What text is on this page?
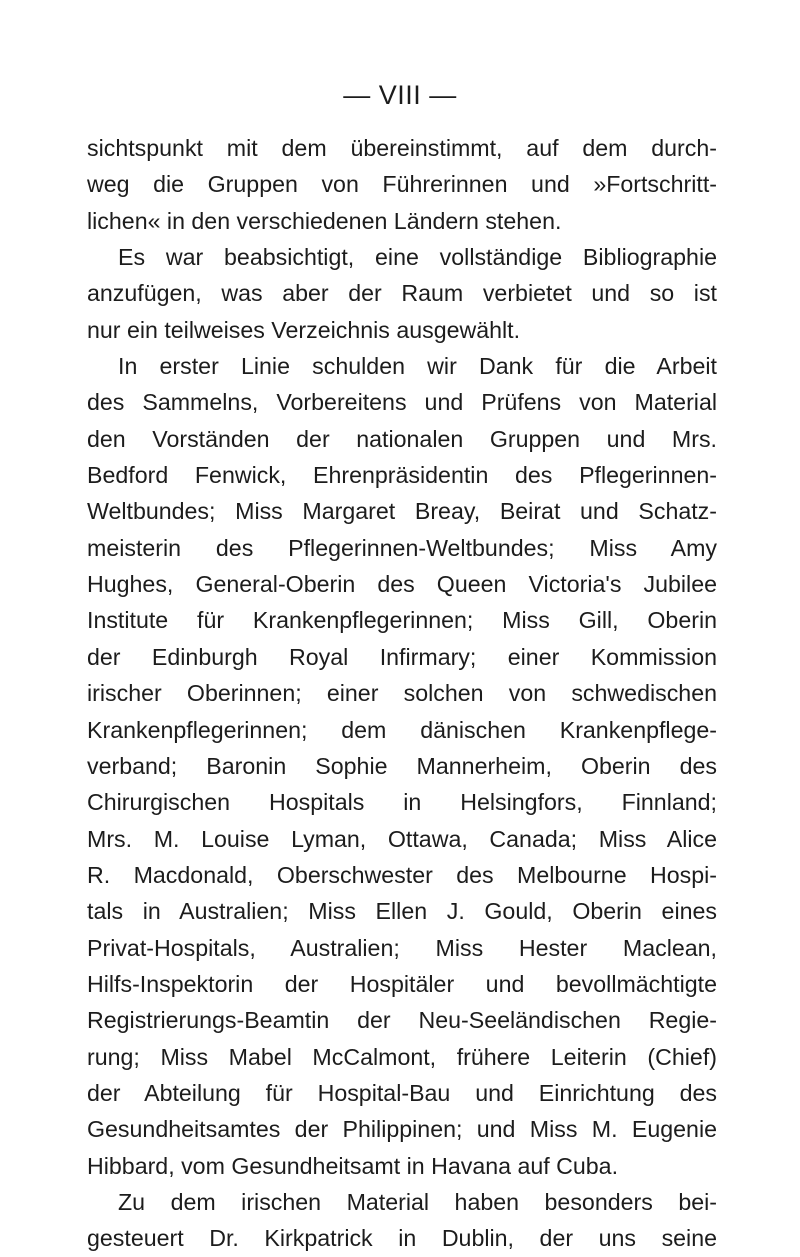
— VIII —
sichtspunkt mit dem übereinstimmt, auf dem durch-
weg die Gruppen von Führerinnen und »Fortschritt-
lichen« in den verschiedenen Ländern stehen.
Es war beabsichtigt, eine vollständige Bibliographie
anzufügen, was aber der Raum verbietet und so ist
nur ein teilweises Verzeichnis ausgewählt.
In erster Linie schulden wir Dank für die Arbeit
des Sammelns, Vorbereitens und Prüfens von Material
den Vorständen der nationalen Gruppen und Mrs.
Bedford Fenwick, Ehrenpräsidentin des Pflegerinnen-
Weltbundes; Miss Margaret Breay, Beirat und Schatz-
meisterin des Pflegerinnen-Weltbundes; Miss Amy
Hughes, General-Oberin des Queen Victoria's Jubilee
Institute für Krankenpflegerinnen; Miss Gill, Oberin
der Edinburgh Royal Infirmary; einer Kommission
irischer Oberinnen; einer solchen von schwedischen
Krankenpflegerinnen; dem dänischen Krankenpflege-
verband; Baronin Sophie Mannerheim, Oberin des
Chirurgischen Hospitals in Helsingfors, Finnland;
Mrs. M. Louise Lyman, Ottawa, Canada; Miss Alice
R. Macdonald, Oberschwester des Melbourne Hospi-
tals in Australien; Miss Ellen J. Gould, Oberin eines
Privat-Hospitals, Australien; Miss Hester Maclean,
Hilfs-Inspektorin der Hospitäler und bevollmächtigte
Registrierungs-Beamtin der Neu-Seeländischen Regie-
rung; Miss Mabel McCalmont, frühere Leiterin (Chief)
der Abteilung für Hospital-Bau und Einrichtung des
Gesundheitsamtes der Philippinen; und Miss M. Eugenie
Hibbard, vom Gesundheitsamt in Havana auf Cuba.
Zu dem irischen Material haben besonders bei-
gesteuert Dr. Kirkpatrick in Dublin, der uns seine
